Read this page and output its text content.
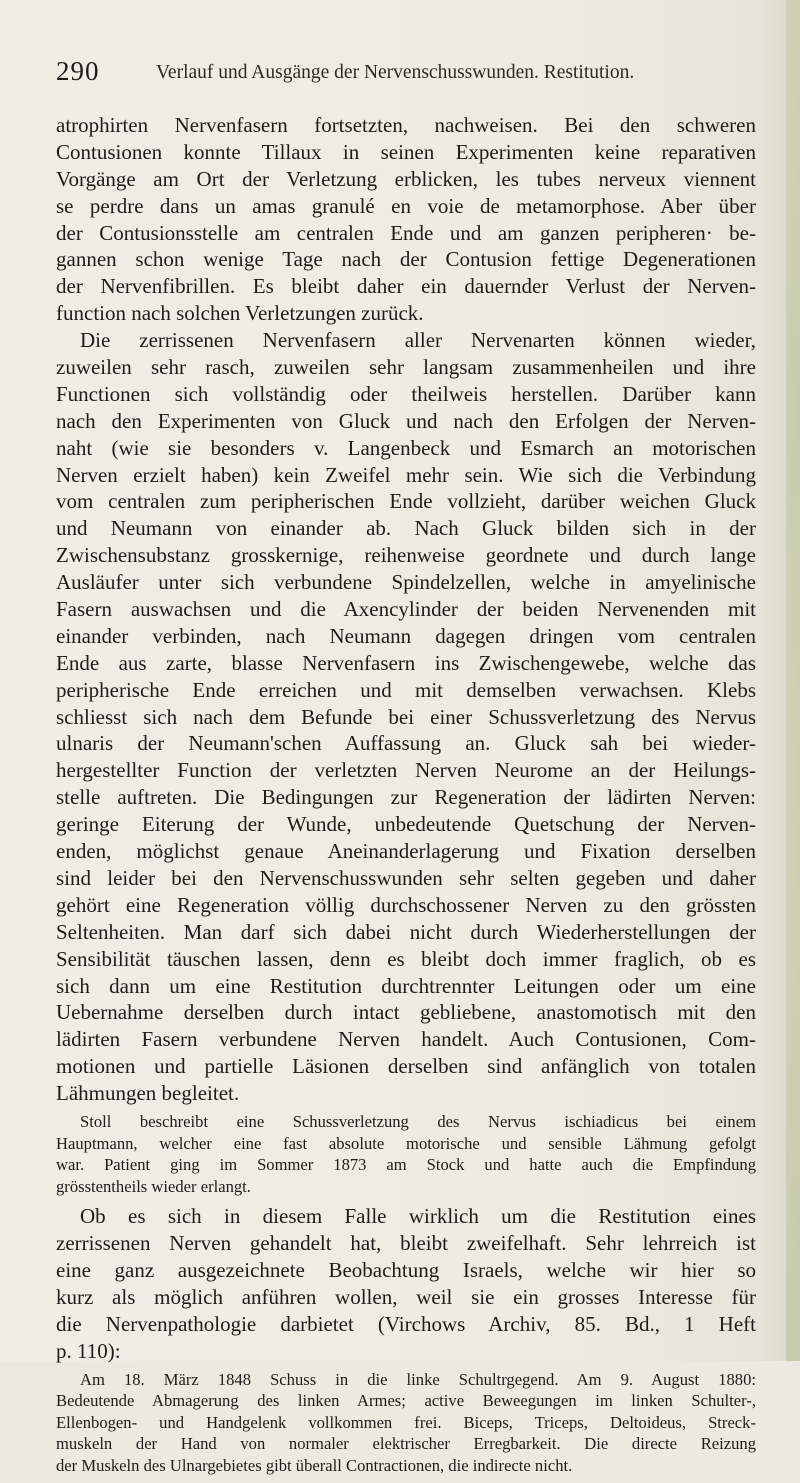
290	Verlauf und Ausgänge der Nervenschusswunden. Restitution.
atrophirten Nervenfasern fortsetzten, nachweisen. Bei den schweren
Contusionen konnte Tillaux in seinen Experimenten keine reparativen
Vorgänge am Ort der Verletzung erblicken, les tubes nerveux viennent
se perdre dans un amas granulé en voie de metamorphose. Aber über
der Contusionsstelle am centralen Ende und am ganzen peripheren· be-
gannen schon wenige Tage nach der Contusion fettige Degenerationen
der Nervenfibrillen. Es bleibt daher ein dauernder Verlust der Nerven-
function nach solchen Verletzungen zurück.
Die zerrissenen Nervenfasern aller Nervenarten können wieder,
zuweilen sehr rasch, zuweilen sehr langsam zusammenheilen und ihre
Functionen sich vollständig oder theilweis herstellen. Darüber kann
nach den Experimenten von Gluck und nach den Erfolgen der Nerven-
naht (wie sie besonders v. Langenbeck und Esmarch an motorischen
Nerven erzielt haben) kein Zweifel mehr sein. Wie sich die Verbindung
vom centralen zum peripherischen Ende vollzieht, darüber weichen Gluck
und Neumann von einander ab. Nach Gluck bilden sich in der
Zwischensubstanz grosskernige, reihenweise geordnete und durch lange
Ausläufer unter sich verbundene Spindelzellen, welche in amyelinische
Fasern auswachsen und die Axencylinder der beiden Nervenenden mit
einander verbinden, nach Neumann dagegen dringen vom centralen
Ende aus zarte, blasse Nervenfasern ins Zwischengewebe, welche das
peripherische Ende erreichen und mit demselben verwachsen. Klebs
schliesst sich nach dem Befunde bei einer Schussverletzung des Nervus
ulnaris der Neumann'schen Auffassung an. Gluck sah bei wieder-
hergestellter Function der verletzten Nerven Neurome an der Heilungs-
stelle auftreten. Die Bedingungen zur Regeneration der lädirten Nerven:
geringe Eiterung der Wunde, unbedeutende Quetschung der Nerven-
enden, möglichst genaue Aneinanderlagerung und Fixation derselben
sind leider bei den Nervenschusswunden sehr selten gegeben und daher
gehört eine Regeneration völlig durchschossener Nerven zu den grössten
Seltenheiten. Man darf sich dabei nicht durch Wiederherstellungen der
Sensibilität täuschen lassen, denn es bleibt doch immer fraglich, ob es
sich dann um eine Restitution durchtrennter Leitungen oder um eine
Uebernahme derselben durch intact gebliebene, anastomotisch mit den
lädirten Fasern verbundene Nerven handelt. Auch Contusionen, Com-
motionen und partielle Läsionen derselben sind anfänglich von totalen
Lähmungen begleitet.
Stoll beschreibt eine Schussverletzung des Nervus ischiadicus bei einem
Hauptmann, welcher eine fast absolute motorische und sensible Lähmung gefolgt
war. Patient ging im Sommer 1873 am Stock und hatte auch die Empfindung
grösstentheils wieder erlangt.
Ob es sich in diesem Falle wirklich um die Restitution eines
zerrissenen Nerven gehandelt hat, bleibt zweifelhaft. Sehr lehrreich ist
eine ganz ausgezeichnete Beobachtung Israels, welche wir hier so
kurz als möglich anführen wollen, weil sie ein grosses Interesse für
die Nervenpathologie darbietet (Virchows Archiv, 85. Bd., 1 Heft
p. 110):
Am 18. März 1848 Schuss in die linke Schultrgegend. Am 9. August 1880:
Bedeutende Abmagerung des linken Armes; active Beweegungen im linken Schulter-,
Ellenbogen- und Handgelenk vollkommen frei. Biceps, Triceps, Deltoideus, Streck-
muskeln der Hand von normaler elektrischer Erregbarkeit. Die directe Reizung
der Muskeln des Ulnargebietes gibt überall Contractionen, die indirecte nicht.
